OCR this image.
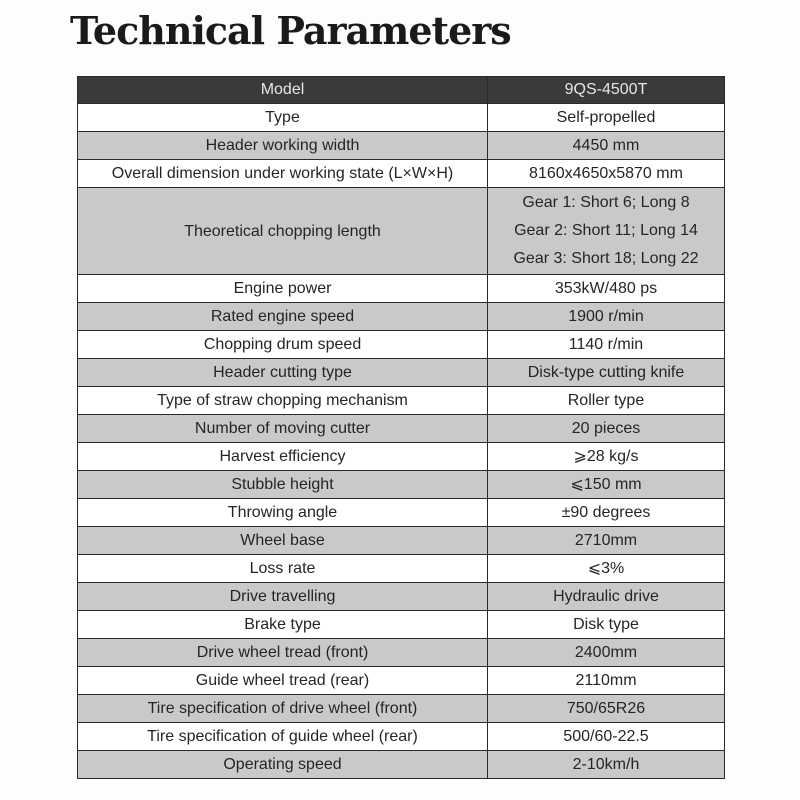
Technical Parameters
Model	9QS-4500T
Type	Self-propelled
Header working width	4450 mm
Overall dimension under working state (L×W×H)	8160x4650x5870 mm
Theoretical chopping length	Gear 1: Short 6; Long 8
Gear 2: Short 11; Long 14
Gear 3: Short 18; Long 22

Engine power	353kW/480 ps
Rated engine speed	1900 r/min
Chopping drum speed	1140 r/min
Header cutting type	Disk-type cutting knife
Type of straw chopping mechanism	Roller type
Number of moving cutter	20 pieces
Harvest efficiency	⩾28 kg/s
Stubble height	⩽150 mm
Throwing angle	±90 degrees
Wheel base	2710mm
Loss rate	⩽3%
Drive travelling	Hydraulic drive
Brake type	Disk type
Drive wheel tread (front)	2400mm
Guide wheel tread (rear)	2110mm
Tire specification of drive wheel (front)	750/65R26
Tire specification of guide wheel (rear)	500/60-22.5
Operating speed	2-10km/h
